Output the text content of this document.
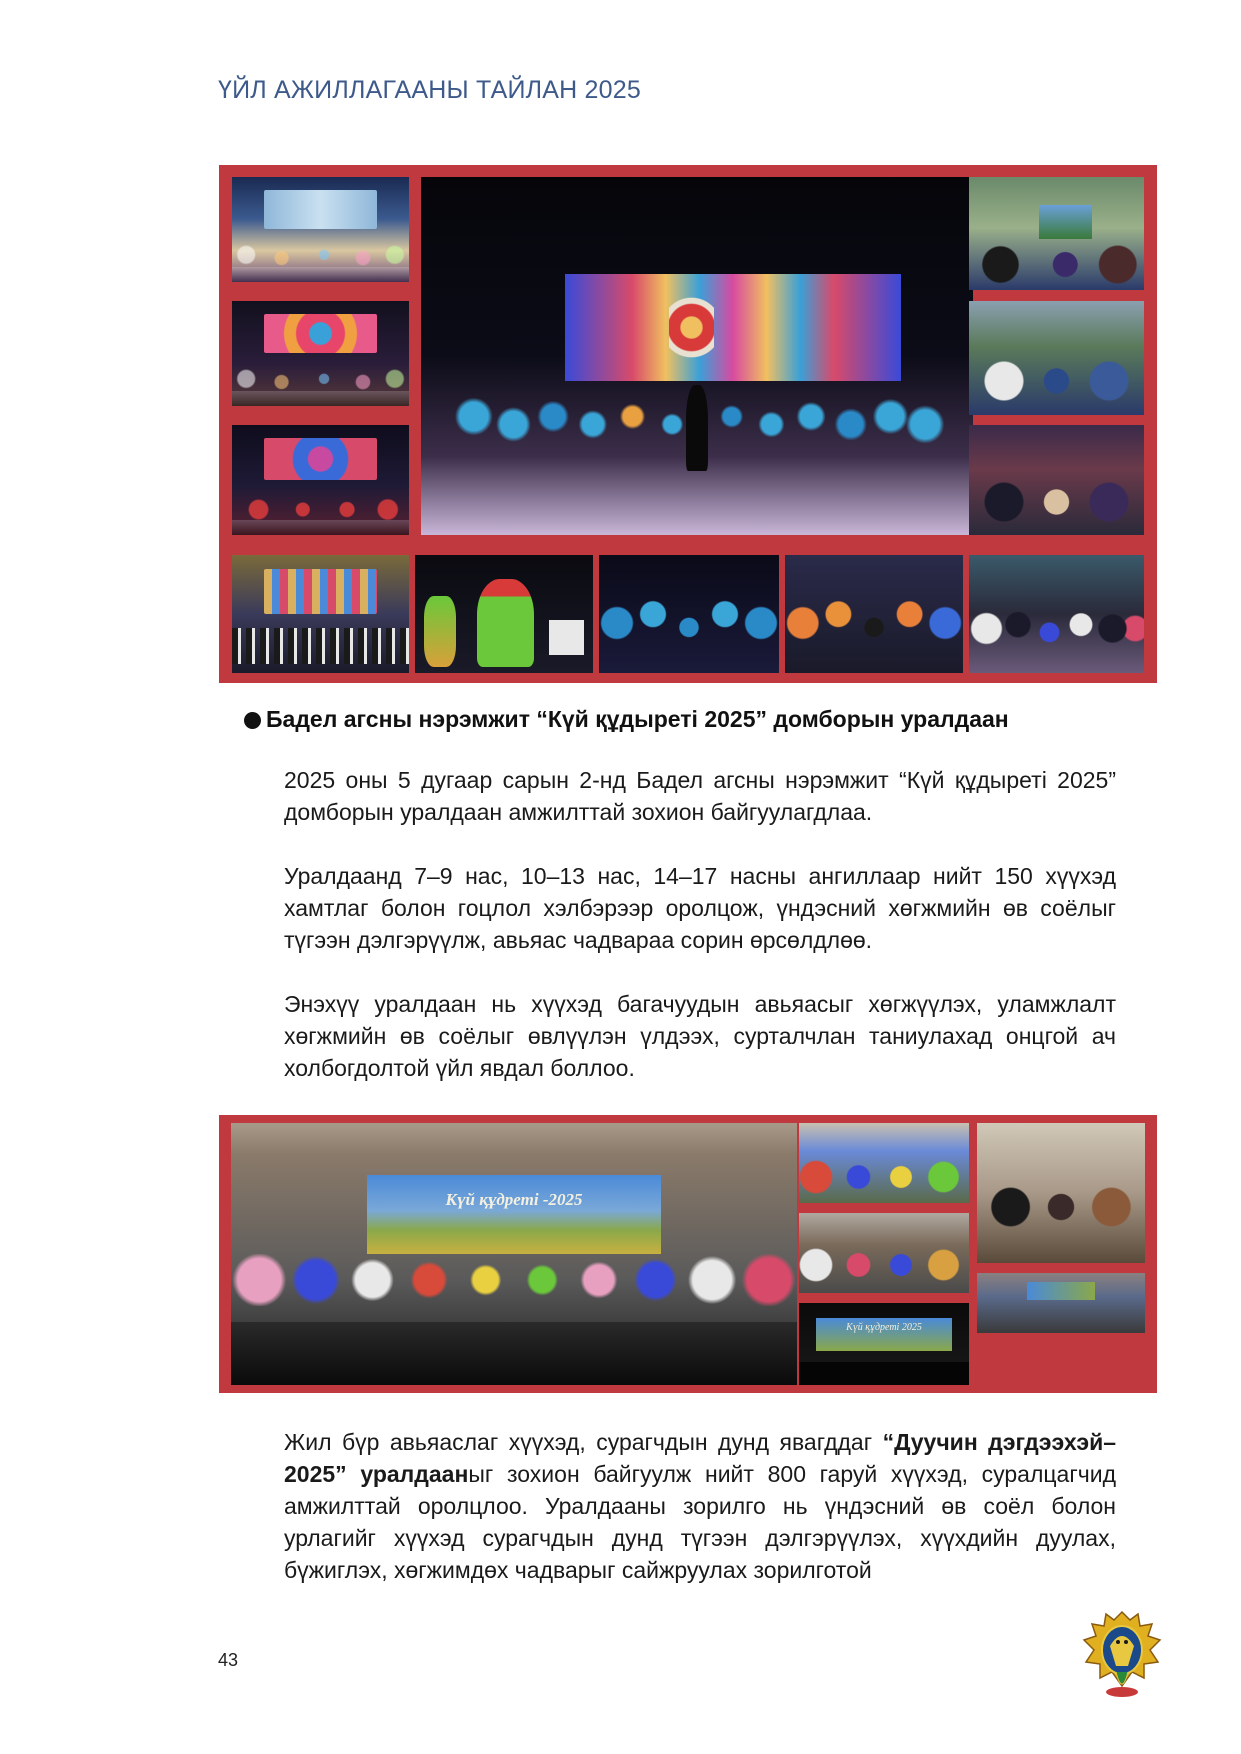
ҮЙЛ АЖИЛЛАГААНЫ ТАЙЛАН 2025
Бадел агсны нэрэмжит “Күй құдыреті 2025” домборын уралдаан
2025 оны 5 дугаар сарын 2-нд Бадел агсны нэрэмжит “Күй құдыреті 2025” домборын уралдаан амжилттай зохион байгуулагдлаа.
Уралдаанд 7–9 нас, 10–13 нас, 14–17 насны ангиллаар нийт 150 хүүхэд хамтлаг болон гоцлол хэлбэрээр оролцож, үндэсний хөгжмийн өв соёлыг түгээн дэлгэрүүлж, авьяас чадвараа сорин өрсөлдлөө.
Энэхүү уралдаан нь хүүхэд багачуудын авьяасыг хөгжүүлэх, уламжлалт хөгжмийн өв соёлыг өвлүүлэн үлдээх, сурталчлан таниулахад онцгой ач холбогдолтой үйл явдал боллоо.
Күй құдреті -2025
Күй құдреті 2025
Жил бүр авьяаслаг хүүхэд, сурагчдын дунд явагддаг “Дуучин дэгдээхэй–2025” уралдааныг зохион байгуулж нийт 800 гаруй хүүхэд, суралцагчид амжилттай оролцлоо. Уралдааны зорилго нь үндэсний өв соёл болон урлагийг хүүхэд сурагчдын дунд түгээн дэлгэрүүлэх, хүүхдийн дуулах, бүжиглэх, хөгжимдөх чадварыг сайжруулах зорилготой
43
